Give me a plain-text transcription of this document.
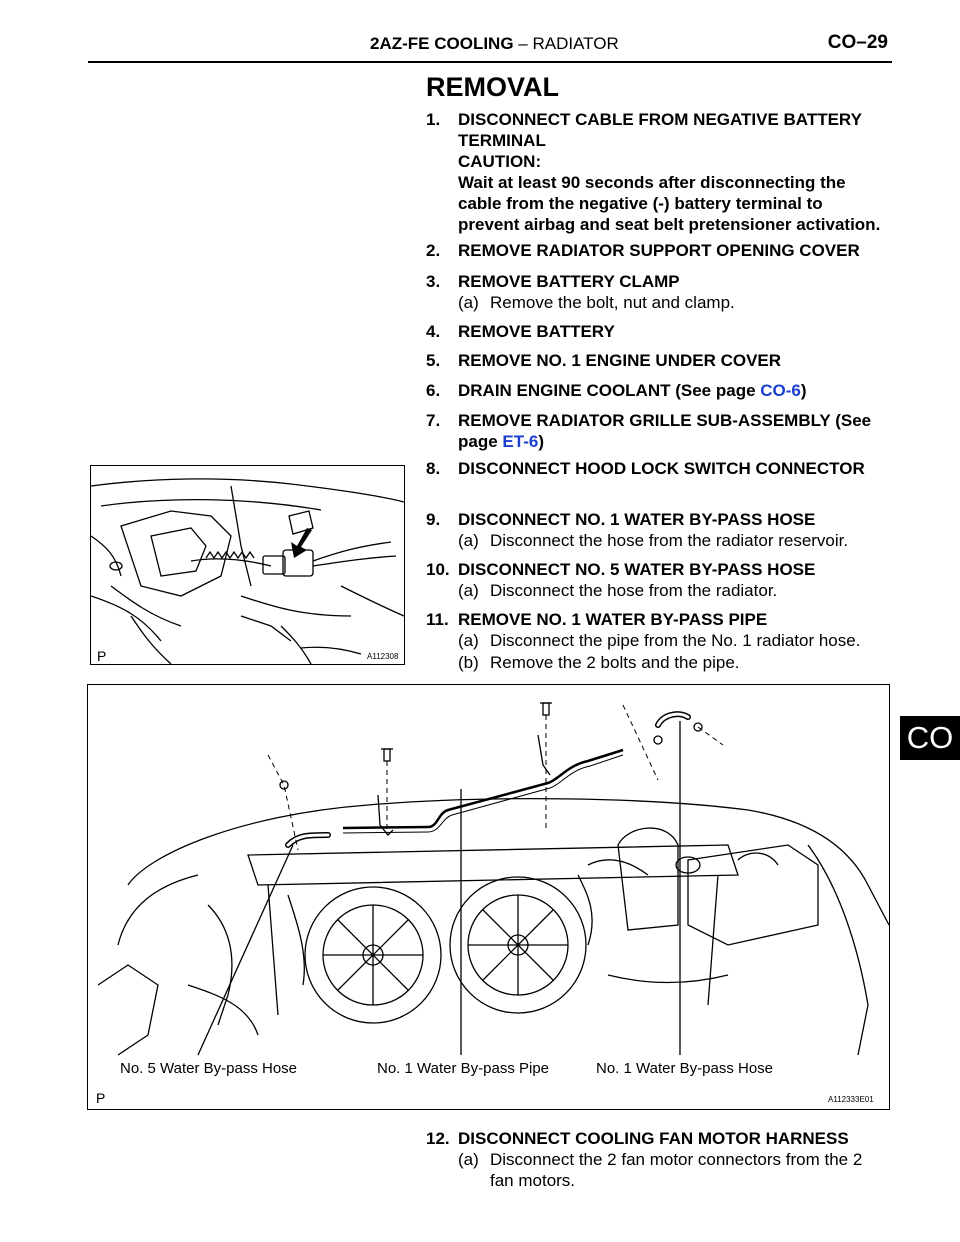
2AZ-FE COOLING – RADIATOR	CO–29
CO
REMOVAL
1. DISCONNECT CABLE FROM NEGATIVE BATTERY
TERMINAL
CAUTION:
Wait at least 90 seconds after disconnecting the
cable from the negative (-) battery terminal to
prevent airbag and seat belt pretensioner activation.
2. REMOVE RADIATOR SUPPORT OPENING COVER
3. REMOVE BATTERY CLAMP
(a) Remove the bolt, nut and clamp.
4. REMOVE BATTERY
5. REMOVE NO. 1 ENGINE UNDER COVER
6. DRAIN ENGINE COOLANT (See page CO-6)
7. REMOVE RADIATOR GRILLE SUB-ASSEMBLY (See
page ET-6)
8. DISCONNECT HOOD LOCK SWITCH CONNECTOR
9. DISCONNECT NO. 1 WATER BY-PASS HOSE
(a) Disconnect the hose from the radiator reservoir.
10. DISCONNECT NO. 5 WATER BY-PASS HOSE
(a) Disconnect the hose from the radiator.
11. REMOVE NO. 1 WATER BY-PASS PIPE
(a) Disconnect the pipe from the No. 1 radiator hose.
(b) Remove the 2 bolts and the pipe.
P	A112308
No. 5 Water By-pass Hose	No. 1 Water By-pass Pipe	No. 1 Water By-pass Hose
P	A112333E01
12. DISCONNECT COOLING FAN MOTOR HARNESS
(a) Disconnect the 2 fan motor connectors from the 2
fan motors.
